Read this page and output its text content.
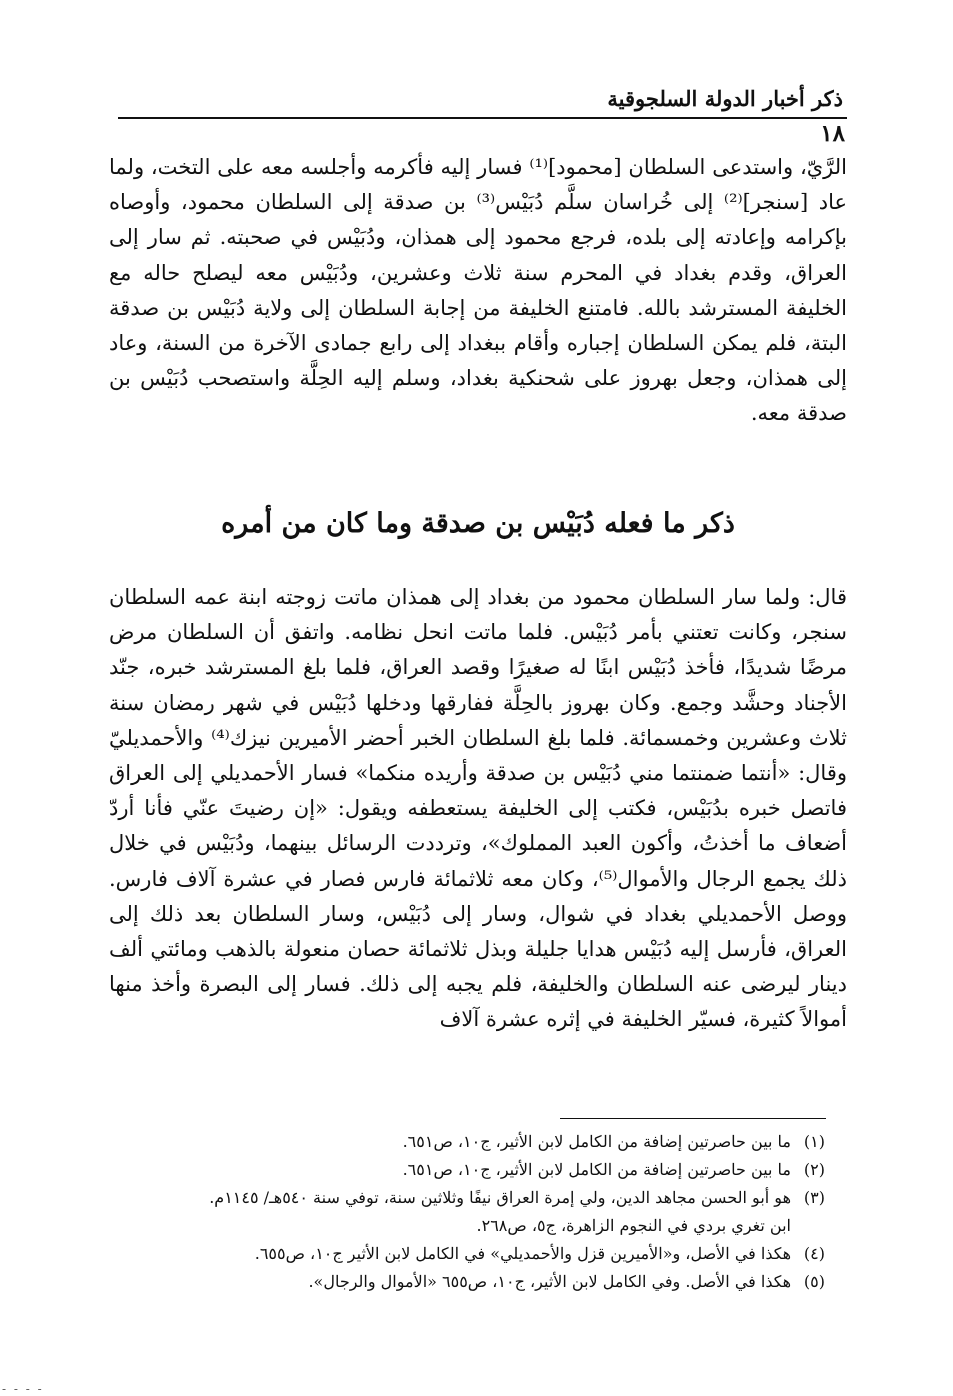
ذكر أخبار الدولة السلجوقية
١٨
الرَّيّ، واستدعى السلطان [محمود]⁽¹⁾ فسار إليه فأكرمه وأجلسه معه على التخت، ولما عاد [سنجر]⁽²⁾ إلى خُراسان سلَّم دُبَيْس⁽³⁾ بن صدقة إلى السلطان محمود، وأوصاه بإكرامه وإعادته إلى بلده، فرجع محمود إلى همذان، ودُبَيْس في صحبته. ثم سار إلى العراق، وقدم بغداد في المحرم سنة ثلاث وعشرين، ودُبَيْس معه ليصلح حاله مع الخليفة المسترشد بالله. فامتنع الخليفة من إجابة السلطان إلى ولاية دُبَيْس بن صدقة البتة، فلم يمكن السلطان إجباره وأقام ببغداد إلى رابع جمادى الآخرة من السنة، وعاد إلى همذان، وجعل بهروز على شحنكية بغداد، وسلم إليه الحِلَّة واستصحب دُبَيْس بن صدقة معه.
ذكر ما فعله دُبَيْس بن صدقة وما كان من أمره
قال: ولما سار السلطان محمود من بغداد إلى همذان ماتت زوجته ابنة عمه السلطان سنجر، وكانت تعتني بأمر دُبَيْس. فلما ماتت انحل نظامه. واتفق أن السلطان مرض مرضًا شديدًا، فأخذ دُبَيْس ابنًا له صغيرًا وقصد العراق، فلما بلغ المسترشد خبره، جنّد الأجناد وحشَّد وجمع. وكان بهروز بالحِلَّة ففارقها ودخلها دُبَيْس في شهر رمضان سنة ثلاث وعشرين وخمسمائة. فلما بلغ السلطان الخبر أحضر الأميرين نيزك⁽⁴⁾ والأحمديليّ وقال: «أنتما ضمنتما مني دُبَيْس بن صدقة وأريده منكما» فسار الأحمديلي إلى العراق فاتصل خبره بدُبَيْس، فكتب إلى الخليفة يستعطفه ويقول: «إن رضيتَ عنّي فأنا أردّ أضعاف ما أخذتُ، وأكون العبد المملوك»، وترددت الرسائل بينهما، ودُبَيْس في خلال ذلك يجمع الرجال والأموال⁽⁵⁾، وكان معه ثلاثمائة فارس فصار في عشرة آلاف فارس. ووصل الأحمديلي بغداد في شوال، وسار إلى دُبَيْس، وسار السلطان بعد ذلك إلى العراق، فأرسل إليه دُبَيْس هدايا جليلة وبذل ثلاثمائة حصان منعولة بالذهب ومائتي ألف دينار ليرضى عنه السلطان والخليفة، فلم يجبه إلى ذلك. فسار إلى البصرة وأخذ منها أموالاً كثيرة، فسيّر الخليفة في إثره عشرة آلاف
(١)
ما بين حاصرتين إضافة من الكامل لابن الأثير، ج١٠، ص٦٥١.
(٢)
ما بين حاصرتين إضافة من الكامل لابن الأثير، ج١٠، ص٦٥١.
(٣)
هو أبو الحسن مجاهد الدين، ولي إمرة العراق نيفًا وثلاثين سنة، توفي سنة ٥٤٠هـ/ ١١٤٥م.
ابن تغري بردي في النجوم الزاهرة، ج٥، ص٢٦٨.
(٤)
هكذا في الأصل، و«الأميرين قزل والأحمديلي» في الكامل لابن الأثير ج١٠، ص٦٥٥.
(٥)
هكذا في الأصل. وفي الكامل لابن الأثير، ج١٠، ص٦٥٥ «الأموال والرجال».
- - - -
